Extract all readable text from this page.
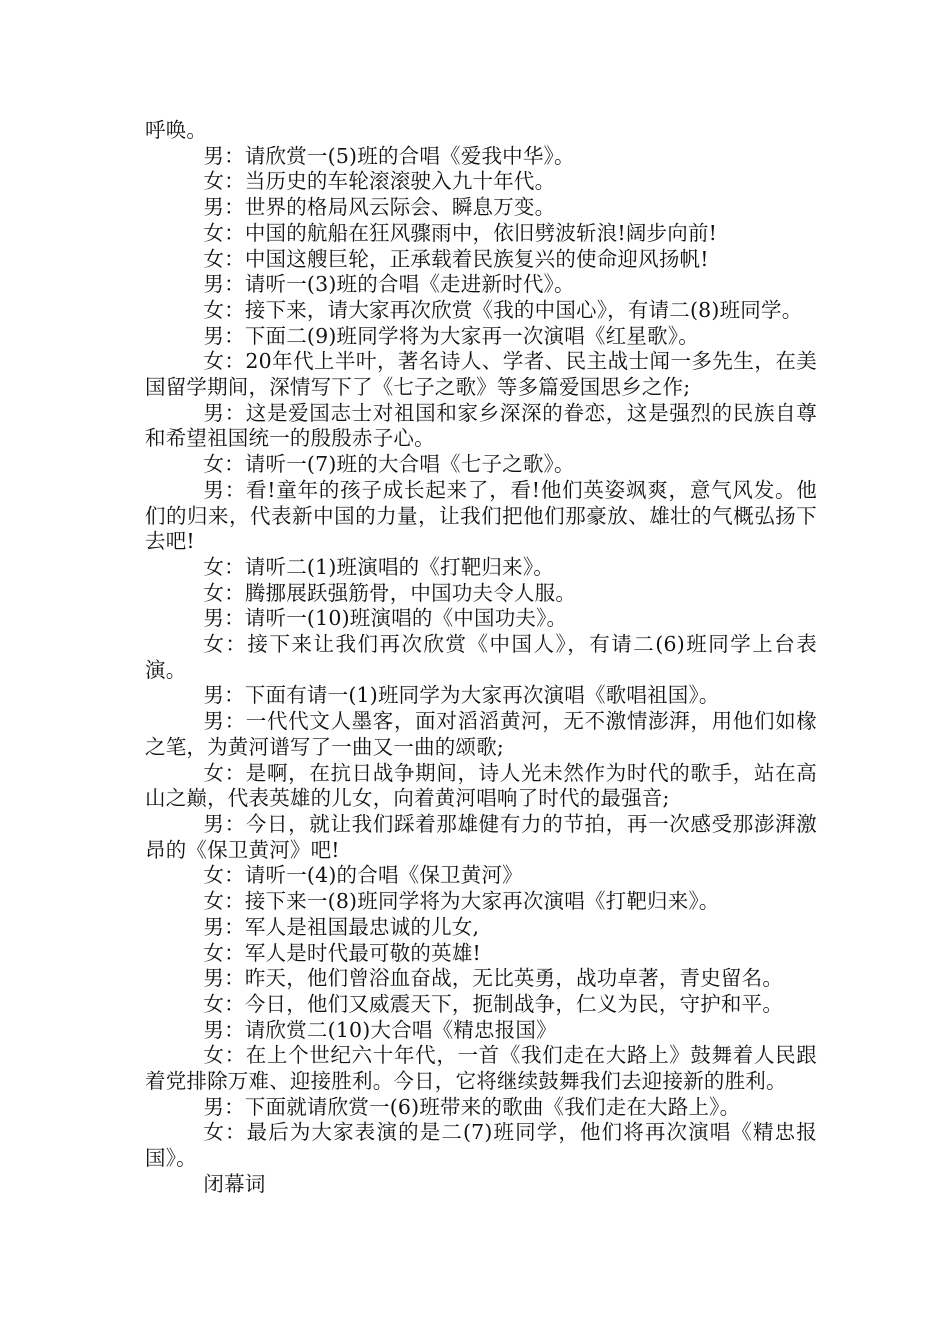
呼唤。

男：请欣赏一(5)班的合唱《爱我中华》。

女：当历史的车轮滚滚驶入九十年代。

男：世界的格局风云际会、瞬息万变。

女：中国的航船在狂风骤雨中，依旧劈波斩浪!阔步向前!

女：中国这艘巨轮，正承载着民族复兴的使命迎风扬帆!

男：请听一(3)班的合唱《走进新时代》。

女：接下来，请大家再次欣赏《我的中国心》，有请二(8)班同学。

男：下面二(9)班同学将为大家再一次演唱《红星歌》。

女：20年代上半叶，著名诗人、学者、民主战士闻一多先生，在美国留学期间，深情写下了《七子之歌》等多篇爱国思乡之作;

男：这是爱国志士对祖国和家乡深深的眷恋，这是强烈的民族自尊和希望祖国统一的殷殷赤子心。

女：请听一(7)班的大合唱《七子之歌》。

男：看!童年的孩子成长起来了，看!他们英姿飒爽，意气风发。他们的归来，代表新中国的力量，让我们把他们那豪放、雄壮的气概弘扬下去吧!

女：请听二(1)班演唱的《打靶归来》。

女：腾挪展跃强筋骨，中国功夫令人服。

男：请听一(10)班演唱的《中国功夫》。

女：接下来让我们再次欣赏《中国人》，有请二(6)班同学上台表演。

男：下面有请一(1)班同学为大家再次演唱《歌唱祖国》。

男：一代代文人墨客，面对滔滔黄河，无不激情澎湃，用他们如椽之笔，为黄河谱写了一曲又一曲的颂歌;

女：是啊，在抗日战争期间，诗人光未然作为时代的歌手，站在高山之巅，代表英雄的儿女，向着黄河唱响了时代的最强音;

男：今日，就让我们踩着那雄健有力的节拍，再一次感受那澎湃激昂的《保卫黄河》吧!

女：请听一(4)的合唱《保卫黄河》

女：接下来一(8)班同学将为大家再次演唱《打靶归来》。

男：军人是祖国最忠诚的儿女,

女：军人是时代最可敬的英雄!

男：昨天，他们曾浴血奋战，无比英勇，战功卓著，青史留名。

女：今日，他们又威震天下，扼制战争，仁义为民，守护和平。

男：请欣赏二(10)大合唱《精忠报国》

女：在上个世纪六十年代，一首《我们走在大路上》鼓舞着人民跟着党排除万难、迎接胜利。今日，它将继续鼓舞我们去迎接新的胜利。

男：下面就请欣赏一(6)班带来的歌曲《我们走在大路上》。

女：最后为大家表演的是二(7)班同学，他们将再次演唱《精忠报国》。

闭幕词
